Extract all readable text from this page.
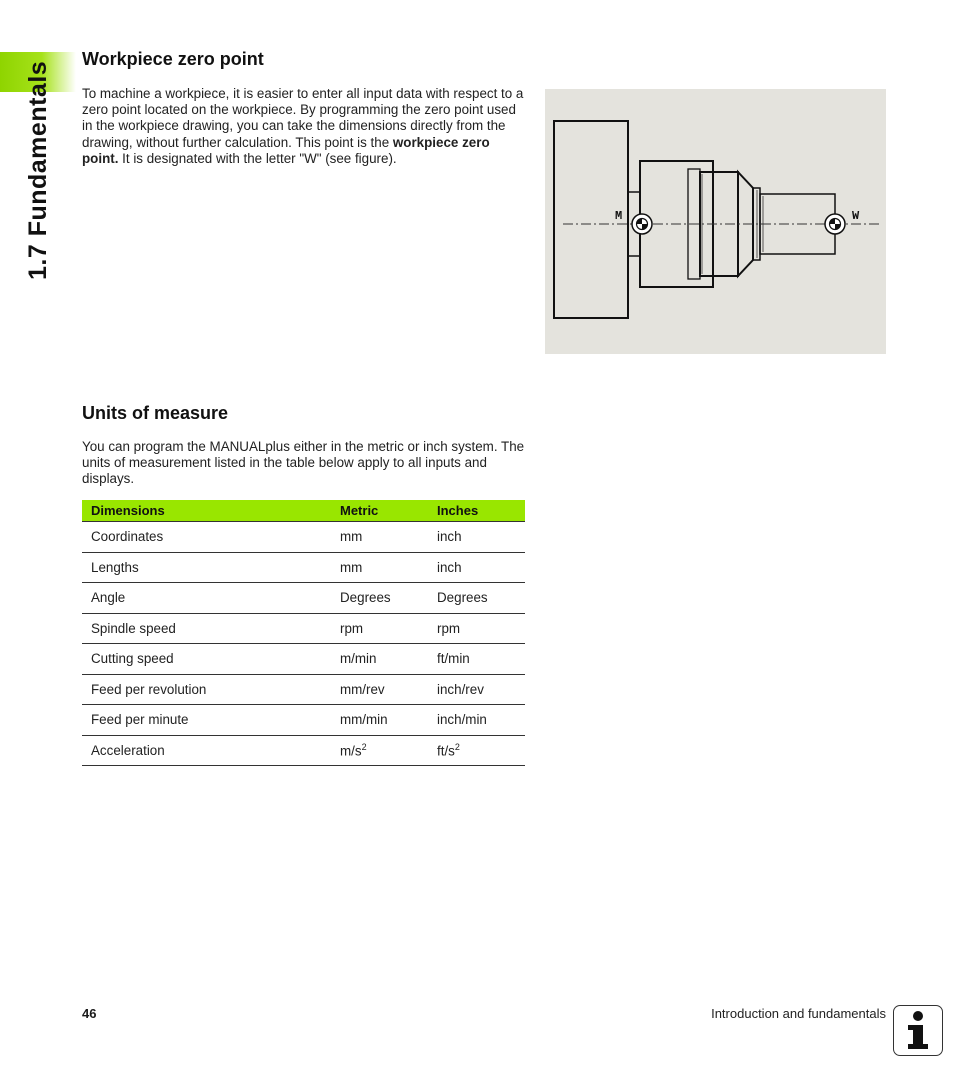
1.7 Fundamentals
Workpiece zero point

To machine a workpiece, it is easier to enter all input data with respect to a zero point located on the workpiece. By programming the zero point used in the workpiece drawing, you can take the dimensions directly from the drawing, without further calculation. This point is the workpiece zero point. It is designated with the letter "W" (see figure).

M	W
Units of measure

You can program the MANUALplus either in the metric or inch system. The units of measurement listed in the table below apply to all inputs and displays.

Dimensions	Metric	Inches
Coordinates	mm	inch
Lengths	mm	inch
Angle	Degrees	Degrees
Spindle speed	rpm	rpm
Cutting speed	m/min	ft/min
Feed per revolution	mm/rev	inch/rev
Feed per minute	mm/min	inch/min
Acceleration	$m/s^2$	$ft/s^2$
46	Introduction and fundamentals
